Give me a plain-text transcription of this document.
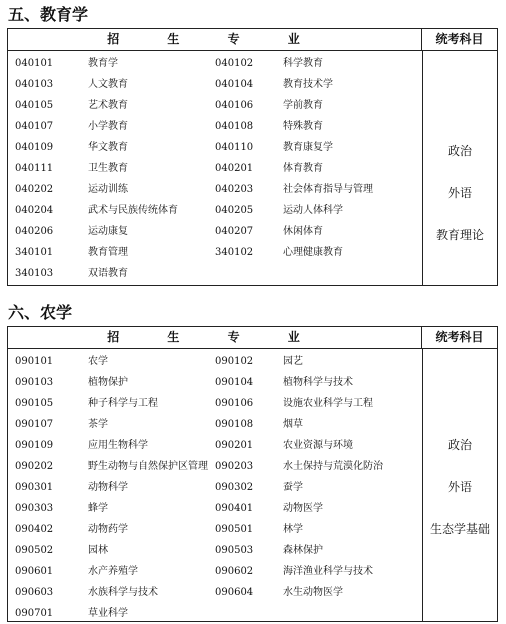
五、教育学
招 生 专 业	统考科目
040101	教育学	040102	科学教育
040103	人文教育	040104	教育技术学
040105	艺术教育	040106	学前教育
040107	小学教育	040108	特殊教育
040109	华文教育	040110	教育康复学
040111	卫生教育	040201	体育教育
040202	运动训练	040203	社会体育指导与管理
040204	武术与民族传统体育	040205	运动人体科学
040206	运动康复	040207	休闲体育
340101	教育管理	340102	心理健康教育
340103	双语教育
政治
外语
教育理论
六、农学
招 生 专 业	统考科目
090101	农学	090102	园艺
090103	植物保护	090104	植物科学与技术
090105	种子科学与工程	090106	设施农业科学与工程
090107	茶学	090108	烟草
090109	应用生物科学	090201	农业资源与环境
090202	野生动物与自然保护区管理 090203	水土保持与荒漠化防治
090301	动物科学	090302	蚕学
090303	蜂学	090401	动物医学
090402	动物药学	090501	林学
090502	园林	090503	森林保护
090601	水产养殖学	090602	海洋渔业科学与技术
090603	水族科学与技术	090604	水生动物医学
090701	草业科学
政治
外语
生态学基础
